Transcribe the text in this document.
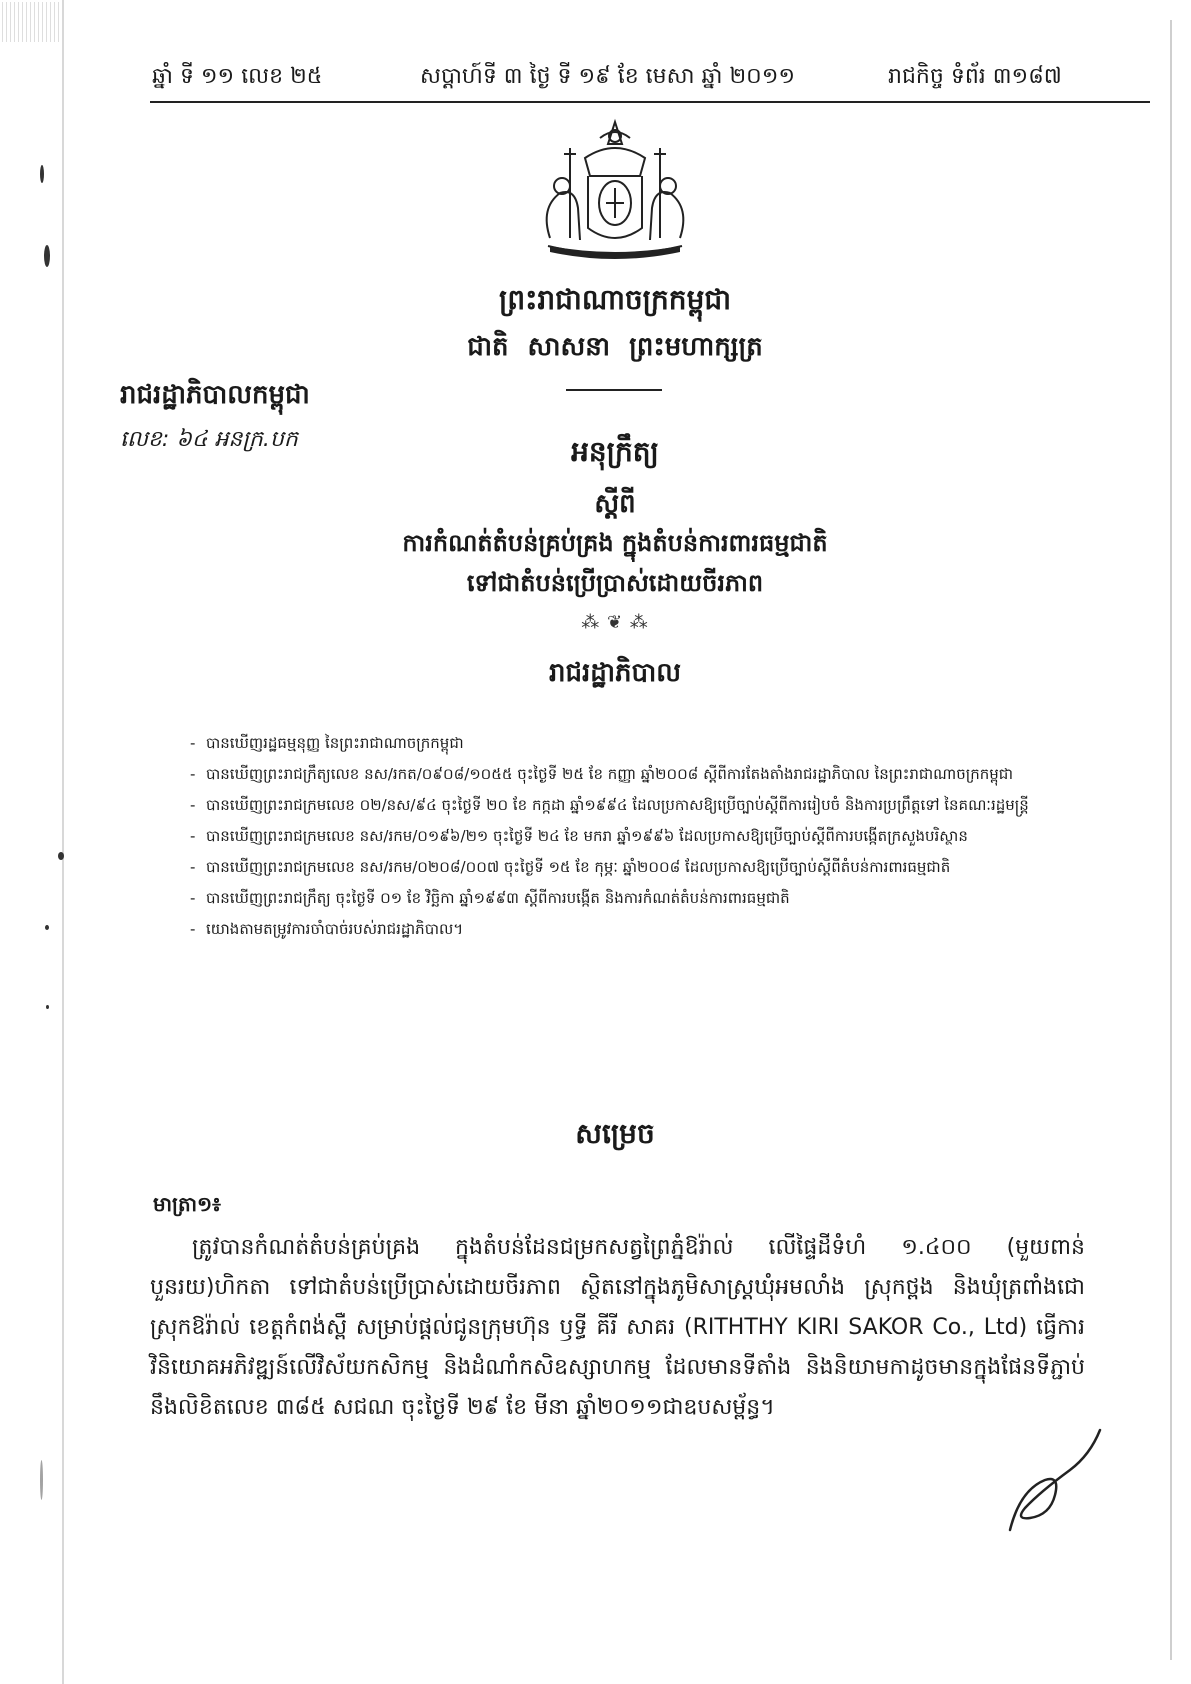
ឆ្នាំ ទី ១១ លេខ ២៥	សប្តាហ៍ទី ៣ ថ្ងៃ ទី ១៩ ខែ មេសា ឆ្នាំ ២០១១	រាជកិច្ច ទំព័រ ៣១៨៧
ព្រះរាជាណាចក្រកម្ពុជា
ជាតិ សាសនា ព្រះមហាក្សត្រ
រាជរដ្ឋាភិបាលកម្ពុជា
លេខ: ៦៤ អនក្រ.បក	អនុក្រឹត្យ
ស្តីពី
ការកំណត់តំបន់គ្រប់គ្រង ក្នុងតំបន់ការពារធម្មជាតិ
ទៅជាតំបន់ប្រើប្រាស់ដោយចីរភាព
⁂ ❦ ⁂
រាជរដ្ឋាភិបាល
- បានឃើញរដ្ឋធម្មនុញ្ញ នៃព្រះរាជាណាចក្រកម្ពុជា
- បានឃើញព្រះរាជក្រឹត្យលេខ នស/រកត/០៩០៨/១០៥៥ ចុះថ្ងៃទី ២៥ ខែ កញ្ញា ឆ្នាំ២០០៨ ស្តីពីការតែងតាំងរាជរដ្ឋាភិបាល នៃព្រះរាជាណាចក្រកម្ពុជា
- បានឃើញព្រះរាជក្រមលេខ ០២/នស/៩៤ ចុះថ្ងៃទី ២០ ខែ កក្កដា ឆ្នាំ១៩៩៤ ដែលប្រកាសឱ្យប្រើច្បាប់ស្តីពីការរៀបចំ និងការប្រព្រឹត្តទៅ នៃគណៈរដ្ឋមន្ត្រី
- បានឃើញព្រះរាជក្រមលេខ នស/រកម/០១៩៦/២១ ចុះថ្ងៃទី ២៤ ខែ មករា ឆ្នាំ១៩៩៦ ដែលប្រកាសឱ្យប្រើច្បាប់ស្តីពីការបង្កើតក្រសួងបរិស្ថាន
- បានឃើញព្រះរាជក្រមលេខ នស/រកម/០២០៨/០០៧ ចុះថ្ងៃទី ១៥ ខែ កុម្ភៈ ឆ្នាំ២០០៨ ដែលប្រកាសឱ្យប្រើច្បាប់ស្តីពីតំបន់ការពារធម្មជាតិ
- បានឃើញព្រះរាជក្រឹត្យ ចុះថ្ងៃទី ០១ ខែ វិច្ឆិកា ឆ្នាំ១៩៩៣ ស្តីពីការបង្កើត និងការកំណត់តំបន់ការពារធម្មជាតិ
- យោងតាមតម្រូវការចាំបាច់របស់រាជរដ្ឋាភិបាល។
សម្រេច
មាត្រា១៖

ត្រូវបានកំណត់តំបន់គ្រប់គ្រង ក្នុងតំបន់ដែនជម្រកសត្វព្រៃភ្នំឱរ៉ាល់ លើផ្ទៃដីទំហំ ១.៤០០ (មួយពាន់ បួនរយ)ហិកតា ទៅជាតំបន់ប្រើប្រាស់ដោយចីរភាព ស្ថិតនៅក្នុងភូមិសាស្ត្រឃុំអមលាំង ស្រុកថ្ពង និងឃុំត្រពាំងជោ ស្រុកឱរ៉ាល់ ខេត្តកំពង់ស្ពឺ សម្រាប់ផ្តល់ជូនក្រុមហ៊ុន ឫទ្ធី គីរី សាគរ (RITHTHY KIRI SAKOR Co., Ltd) ធ្វើការវិនិយោគអភិវឌ្ឍន៍លើវិស័យកសិកម្ម និងដំណាំកសិឧស្សាហកម្ម ដែលមានទីតាំង និងនិយាមកាដូចមានក្នុងផែនទីភ្ជាប់នឹងលិខិតលេខ ៣៨៥ សជណ ចុះថ្ងៃទី ២៩ ខែ មីនា ឆ្នាំ២០១១ជាឧបសម្ព័ន្ធ។
